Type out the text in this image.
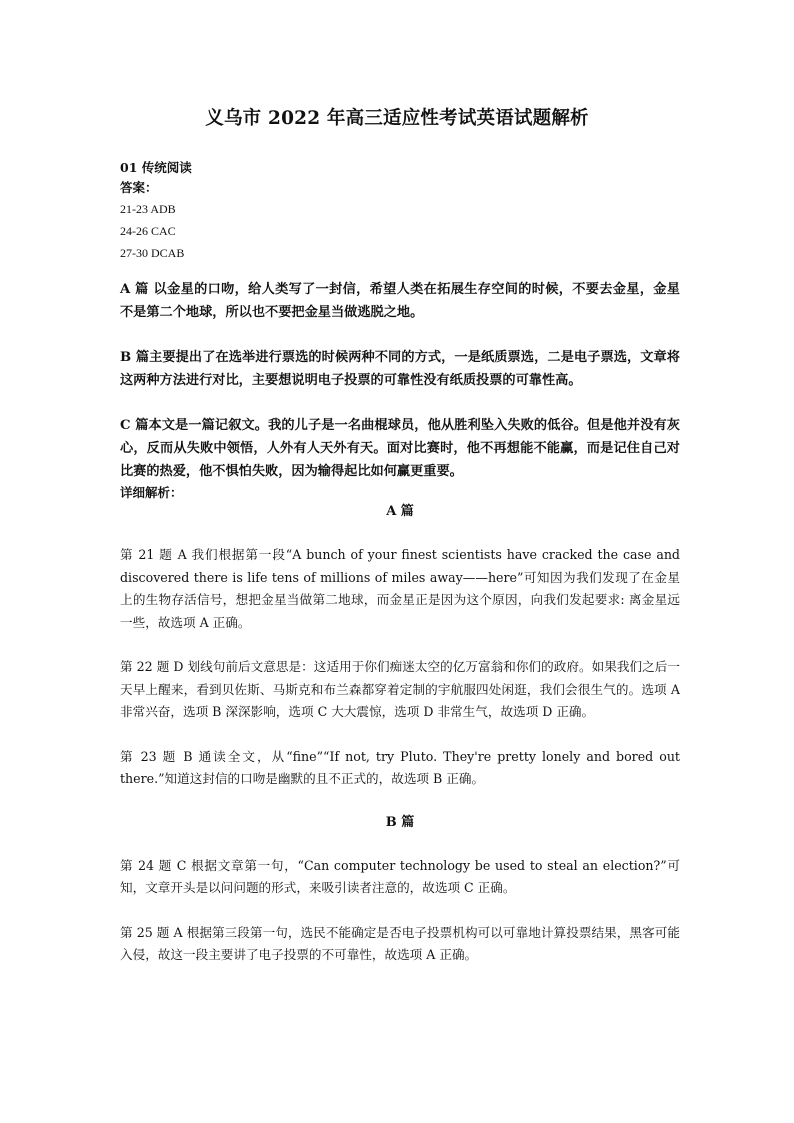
义乌市 2022 年高三适应性考试英语试题解析

01 传统阅读

答案：

21-23 ADB

24-26 CAC

27-30 DCAB

A 篇 以金星的口吻，给人类写了一封信，希望人类在拓展生存空间的时候，不要去金星，金星不是第二个地球，所以也不要把金星当做逃脱之地。

B 篇主要提出了在选举进行票选的时候两种不同的方式，一是纸质票选，二是电子票选，文章将这两种方法进行对比，主要想说明电子投票的可靠性没有纸质投票的可靠性高。

C 篇本文是一篇记叙文。我的儿子是一名曲棍球员，他从胜利坠入失败的低谷。但是他并没有灰心，反而从失败中领悟，人外有人天外有天。面对比赛时，他不再想能不能赢，而是记住自己对比赛的热爱，他不惧怕失败，因为输得起比如何赢更重要。

详细解析：

A 篇

第 21 题 A 我们根据第一段“A bunch of your finest scientists have cracked the case and discovered there is life tens of millions of miles away——here”可知因为我们发现了在金星上的生物存活信号，想把金星当做第二地球，而金星正是因为这个原因，向我们发起要求: 离金星远一些，故选项 A 正确。

第 22 题 D 划线句前后文意思是：这适用于你们痴迷太空的亿万富翁和你们的政府。如果我们之后一天早上醒来，看到贝佐斯、马斯克和布兰森都穿着定制的宇航服四处闲逛，我们会很生气的。选项 A 非常兴奋，选项 B 深深影响，选项 C 大大震惊，选项 D 非常生气，故选项 D 正确。

第 23 题 B 通读全文，从“fine”“If not, try Pluto. They're pretty lonely and bored out there.”知道这封信的口吻是幽默的且不正式的，故选项 B 正确。

B 篇

第 24 题 C 根据文章第一句，“Can computer technology be used to steal an election?”可知，文章开头是以问问题的形式，来吸引读者注意的，故选项 C 正确。

第 25 题 A 根据第三段第一句，选民不能确定是否电子投票机构可以可靠地计算投票结果，黑客可能入侵，故这一段主要讲了电子投票的不可靠性，故选项 A 正确。
